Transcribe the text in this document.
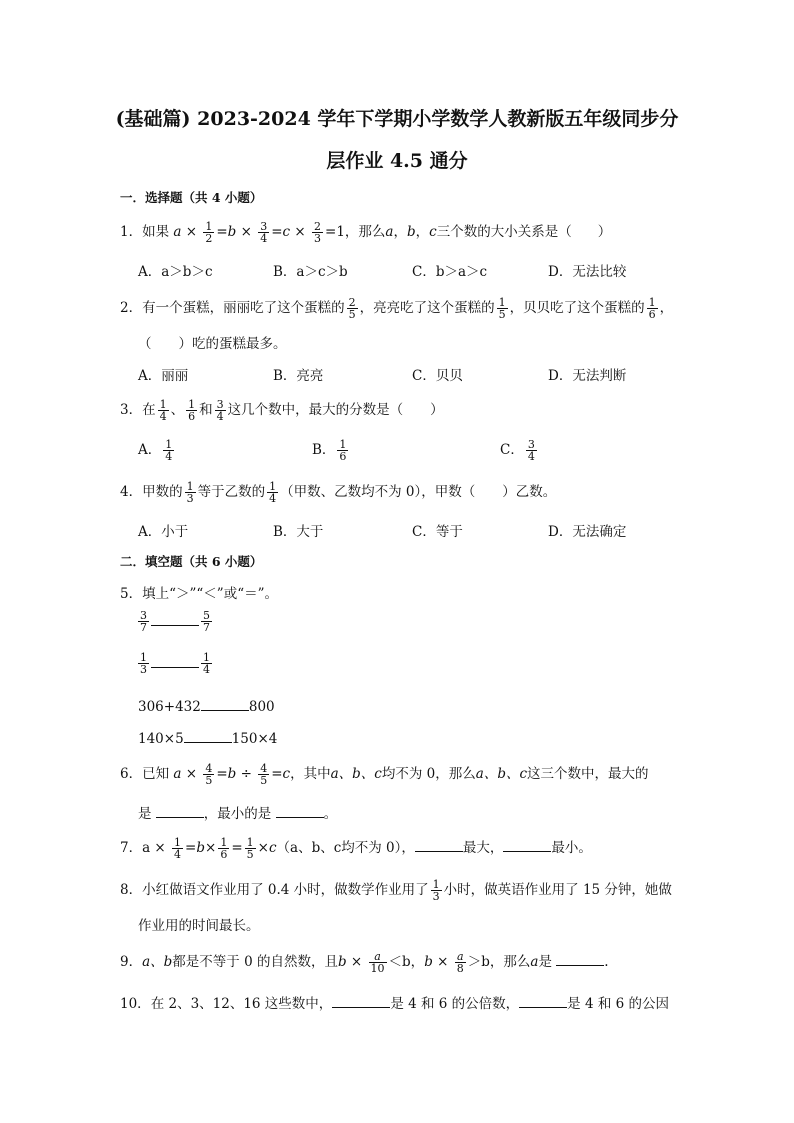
(基础篇) 2023-2024 学年下学期小学数学人教新版五年级同步分
层作业 4.5 通分
一．选择题（共 4 小题）
1．如果 $a \times \frac{1}{2} =b \times \frac{3}{4} =c \times \frac{2}{3} =1$，那么a，b，c三个数的大小关系是（ ）
A．a＞b＞c	B．a＞c＞b	C．b＞a＞c	D．无法比较
2．有一个蛋糕，丽丽吃了这个蛋糕的 $\frac{2}{5}$ ，亮亮吃了这个蛋糕的 $\frac{1}{5}$ ，贝贝吃了这个蛋糕的 $\frac{1}{6}$ ，
（　　）吃的蛋糕最多。
A．丽丽	B．亮亮	C．贝贝	D．无法判断
3．在 $\frac{1}{4}$ 、 $\frac{1}{6}$ 和 $\frac{3}{4}$ 这几个数中，最大的分数是（　　）
A． $\frac{1}{4}$	B． $\frac{1}{6}$	C． $\frac{3}{4}$
4．甲数的 $\frac{1}{3}$ 等于乙数的 $\frac{1}{4}$ （甲数、乙数均不为 0），甲数（　　）乙数。
A．小于	B．大于	C．等于	D．无法确定
二．填空题（共 6 小题）
5．填上“＞”“＜”或“＝”。
$\frac{3}{7}$	$\frac{5}{7}$
$\frac{1}{3}$	$\frac{1}{4}$
306+432	800
140×5	150×4
6．已知 $a \times \frac{4}{5} =b \div \frac{4}{5} =c$，其中a、b、c均不为 0，那么a、b、c这三个数中，最大的
是	，最小的是	。
7．$a \times \frac{1}{4} =b\times \frac{1}{6} = \frac{1}{5} \times c(a$、b、c均不为 0），	最大，	最小。
8．小红做语文作业用了 0.4 小时，做数学作业用了 $\frac{1}{3}$ 小时，做英语作业用了 15 分钟，她做
作业用的时间最长。
9．a、b都是不等于 0 的自然数，且$b \times \frac{a}{10} <b$，$b \times \frac{a}{8} >b$，那么a是	.
10．在 2、3、12、16 这些数中，	是 4 和 6 的公倍数，	是 4 和 6 的公因
